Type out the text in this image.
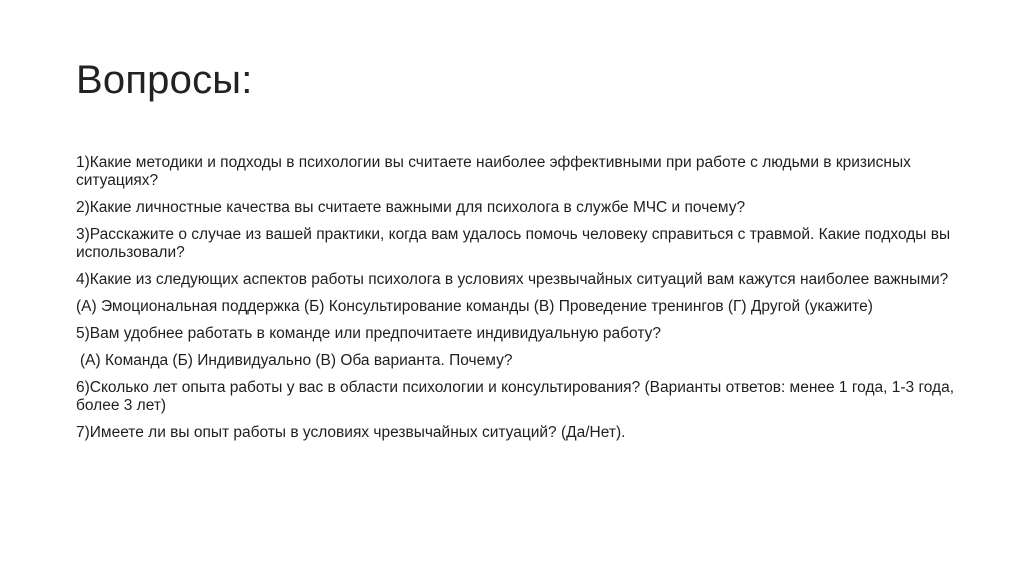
Вопросы:

1)Какие методики и подходы в психологии вы считаете наиболее эффективными при работе с людьми в кризисных ситуациях?

2)Какие личностные качества вы считаете важными для психолога в службе МЧС и почему?

3)Расскажите о случае из вашей практики, когда вам удалось помочь человеку справиться с травмой. Какие подходы вы использовали?

4)Какие из следующих аспектов работы психолога в условиях чрезвычайных ситуаций вам кажутся наиболее важными?

(А) Эмоциональная поддержка (Б) Консультирование команды (В) Проведение тренингов (Г) Другой (укажите)

5)Вам удобнее работать в команде или предпочитаете индивидуальную работу?

(А) Команда (Б) Индивидуально (В) Оба варианта. Почему?

6)Сколько лет опыта работы у вас в области психологии и консультирования? (Варианты ответов: менее 1 года, 1-3 года, более 3 лет)

7)Имеете ли вы опыт работы в условиях чрезвычайных ситуаций? (Да/Нет).
